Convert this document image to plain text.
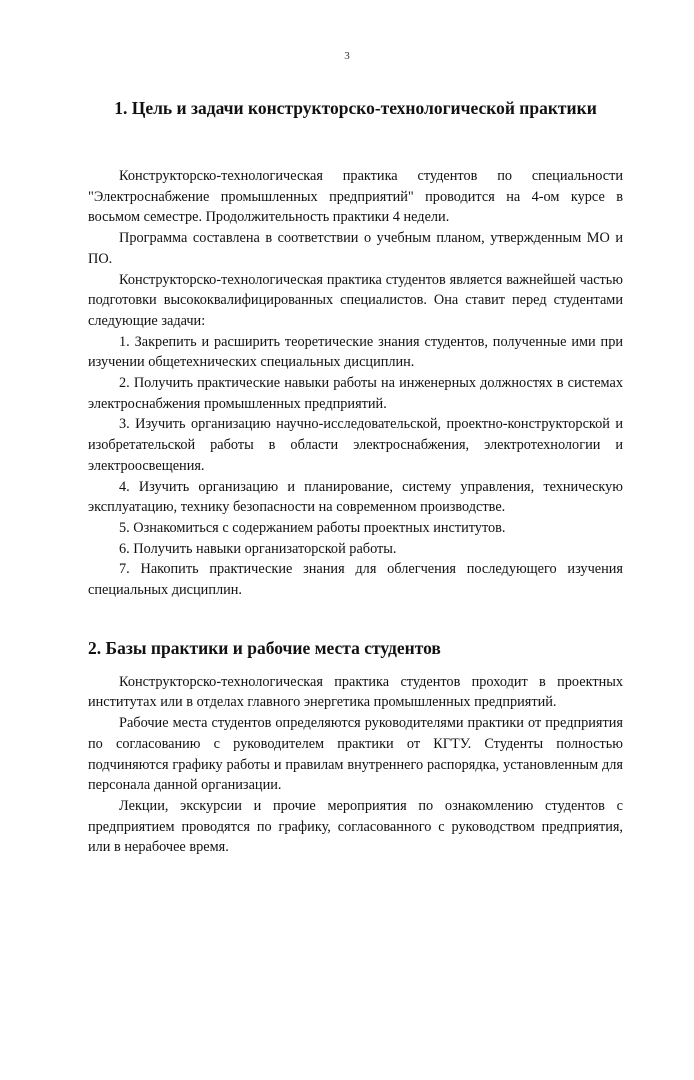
3
1. Цель и задачи конструкторско-технологической практики

Конструкторско-технологическая практика студентов по специальности "Электроснабжение промышленных предприятий" проводится на 4-ом курсе в восьмом семестре. Продолжительность практики 4 недели.

Программа составлена в соответствии о учебным планом, утвержденным МО и ПО.

Конструкторско-технологическая практика студентов является важнейшей частью подготовки высококвалифицированных специалистов. Она ставит перед студентами следующие задачи:

1. Закрепить и расширить теоретические знания студентов, полученные ими при изучении общетехнических специальных дисциплин.

2. Получить практические навыки работы на инженерных должностях в системах электроснабжения промышленных предприятий.

3. Изучить организацию научно-исследовательской, проектно-конструкторской и изобретательской работы в области электроснабжения, электротехнологии и электроосвещения.

4. Изучить организацию и планирование, систему управления, техническую эксплуатацию, технику безопасности на современном производстве.

5. Ознакомиться с содержанием работы проектных институтов.

6. Получить навыки организаторской работы.

7. Накопить практические знания для облегчения последующего изучения специальных дисциплин.

2. Базы практики и рабочие места студентов

Конструкторско-технологическая практика студентов проходит в проектных институтах или в отделах главного энергетика промышленных предприятий.

Рабочие места студентов определяются руководителями практики от предприятия по согласованию с руководителем практики от КГТУ. Студенты полностью подчиняются графику работы и правилам внутреннего распорядка, установленным для персонала данной организации.

Лекции, экскурсии и прочие мероприятия по ознакомлению студентов с предприятием проводятся по графику, согласованного с руководством предприятия, или в нерабочее время.
